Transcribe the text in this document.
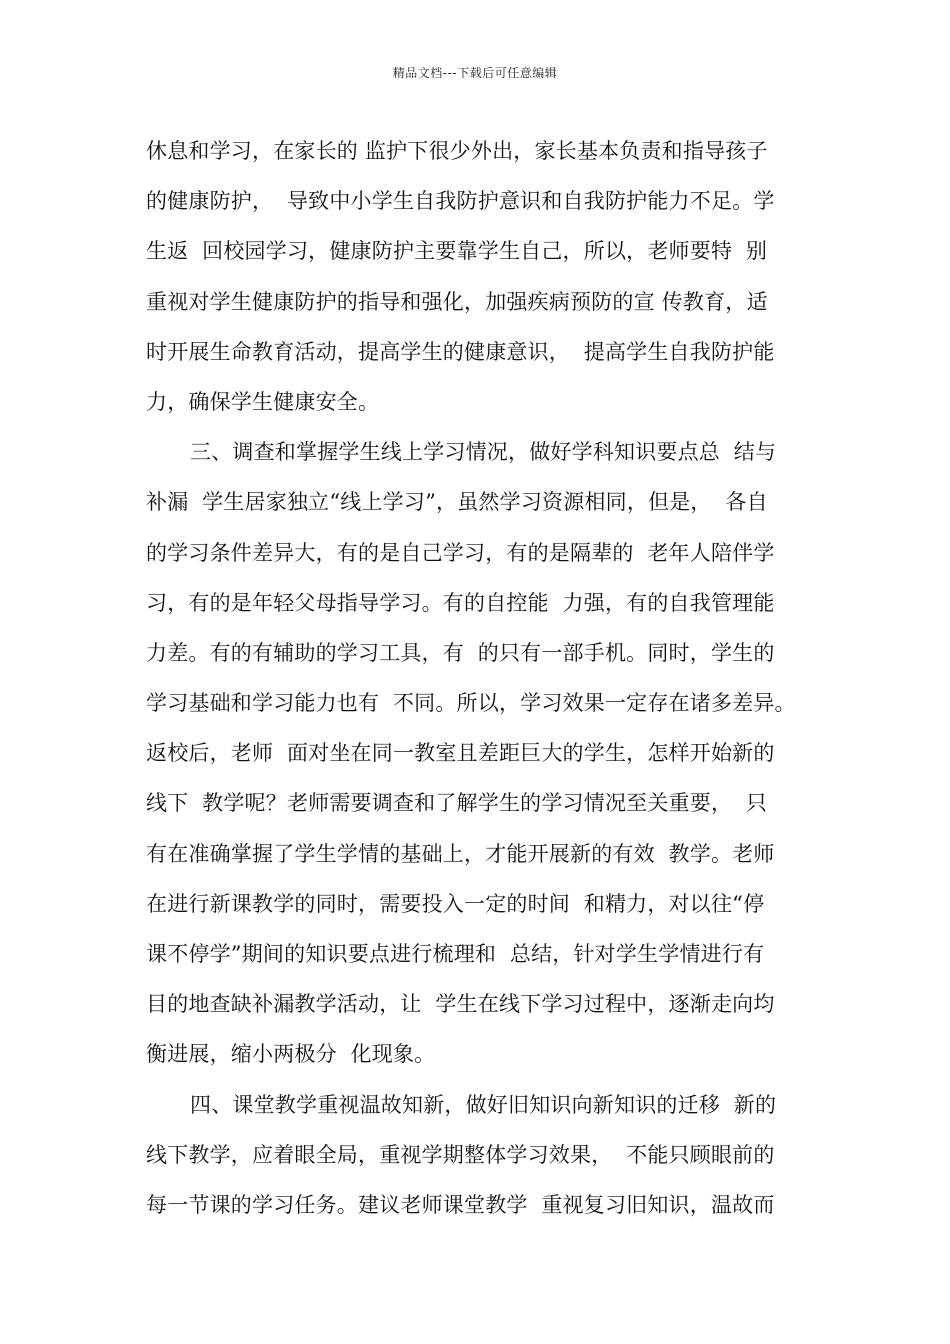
精品文档---下载后可任意编辑
休息和学习，在家长的 监护下很少外出，家长基本负责和指导孩子
的健康防护，  导致中小学生自我防护意识和自我防护能力不足。学
生返  回校园学习，健康防护主要靠学生自己，所以，老师要特  别
重视对学生健康防护的指导和强化，加强疾病预防的宣 传教育，适
时开展生命教育活动，提高学生的健康意识，  提高学生自我防护能
力，确保学生健康安全。
三、调查和掌握学生线上学习情况，做好学科知识要点总  结与
补漏  学生居家独立“线上学习”，虽然学习资源相同，但是，  各自
的学习条件差异大，有的是自己学习，有的是隔辈的  老年人陪伴学
习，有的是年轻父母指导学习。有的自控能  力强，有的自我管理能
力差。有的有辅助的学习工具，有  的只有一部手机。同时，学生的
学习基础和学习能力也有  不同。所以，学习效果一定存在诸多差异。
返校后，老师  面对坐在同一教室且差距巨大的学生，怎样开始新的
线下  教学呢？老师需要调查和了解学生的学习情况至关重要，  只
有在准确掌握了学生学情的基础上，才能开展新的有效  教学。老师
在进行新课教学的同时，需要投入一定的时间  和精力，对以往“停
课不停学”期间的知识要点进行梳理和  总结，针对学生学情进行有
目的地查缺补漏教学活动，让  学生在线下学习过程中，逐渐走向均
衡进展，缩小两极分  化现象。
四、课堂教学重视温故知新，做好旧知识向新知识的迁移  新的
线下教学，应着眼全局，重视学期整体学习效果，  不能只顾眼前的
每一节课的学习任务。建议老师课堂教学  重视复习旧知识，温故而
